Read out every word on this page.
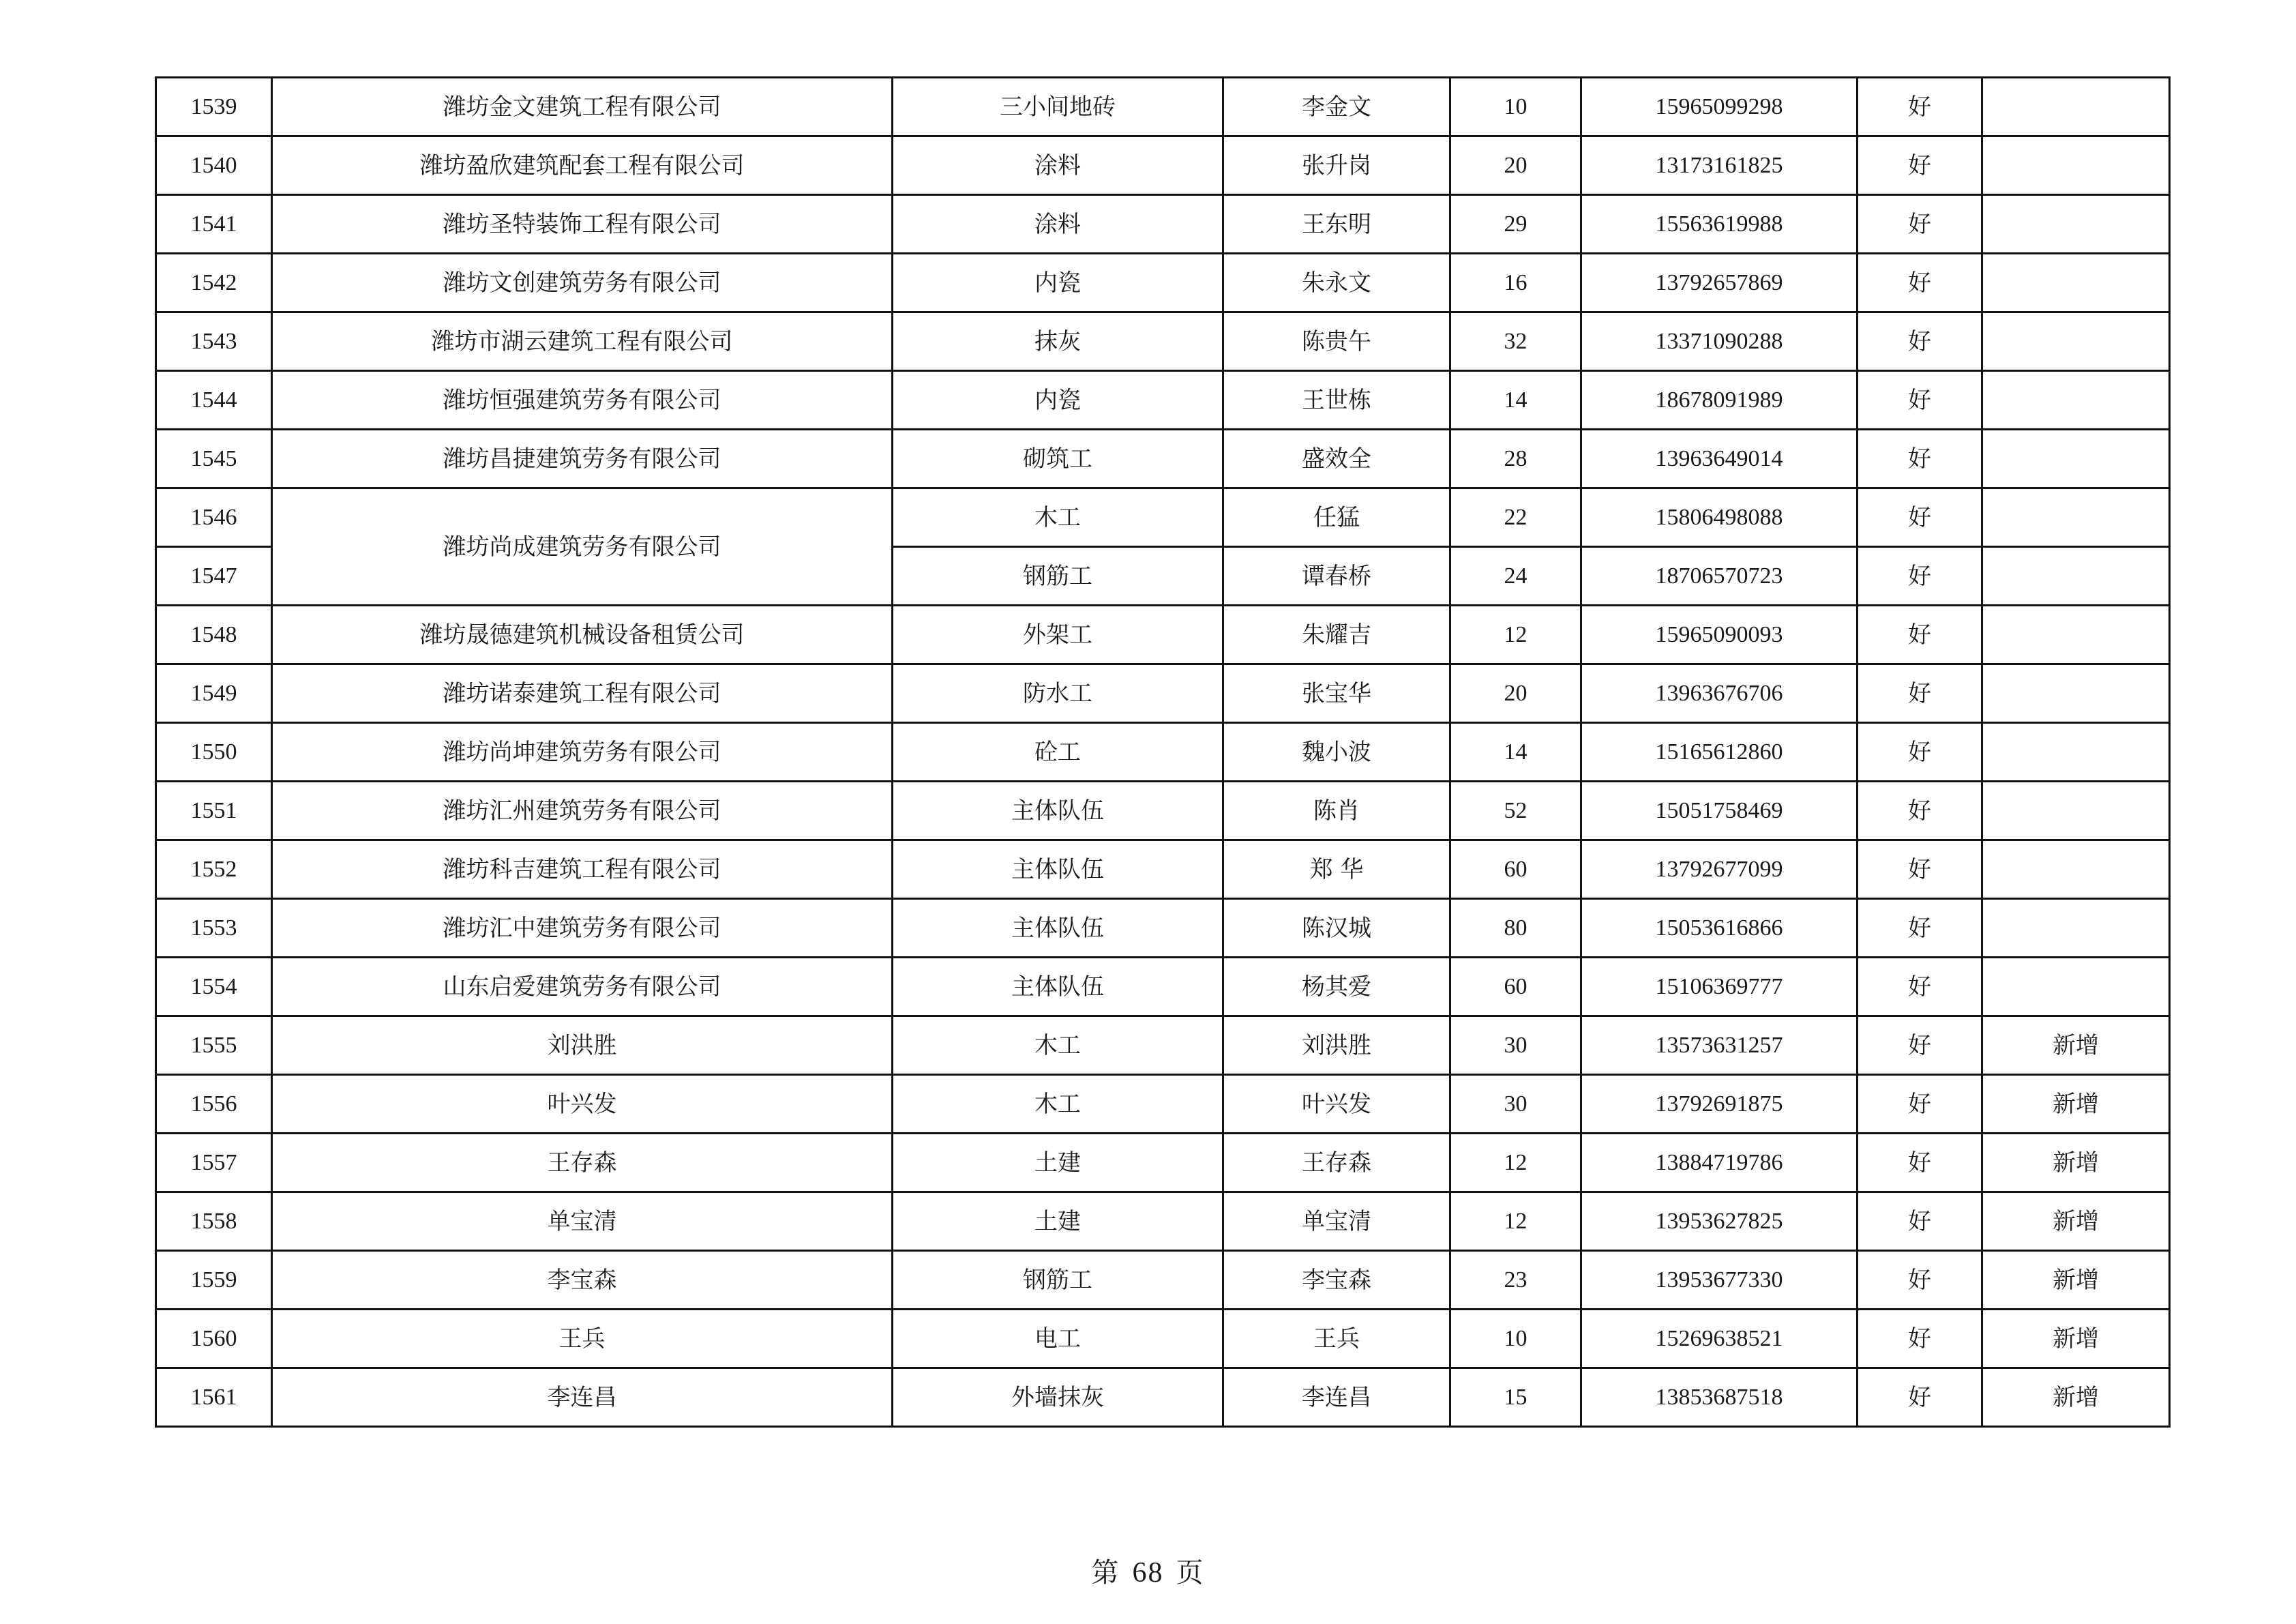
1539	潍坊金文建筑工程有限公司	三小间地砖	李金文	10	15965099298	好	
1540	潍坊盈欣建筑配套工程有限公司	涂料	张升岗	20	13173161825	好	
1541	潍坊圣特装饰工程有限公司	涂料	王东明	29	15563619988	好	
1542	潍坊文创建筑劳务有限公司	内瓷	朱永文	16	13792657869	好	
1543	潍坊市湖云建筑工程有限公司	抹灰	陈贵午	32	13371090288	好	
1544	潍坊恒强建筑劳务有限公司	内瓷	王世栋	14	18678091989	好	
1545	潍坊昌捷建筑劳务有限公司	砌筑工	盛效全	28	13963649014	好	
1546	潍坊尚成建筑劳务有限公司	木工	任猛	22	15806498088	好	
1547		钢筋工	谭春桥	24	18706570723	好	
1548	潍坊晟德建筑机械设备租赁公司	外架工	朱耀吉	12	15965090093	好	
1549	潍坊诺泰建筑工程有限公司	防水工	张宝华	20	13963676706	好	
1550	潍坊尚坤建筑劳务有限公司	砼工	魏小波	14	15165612860	好	
1551	潍坊汇州建筑劳务有限公司	主体队伍	陈肖	52	15051758469	好	
1552	潍坊科吉建筑工程有限公司	主体队伍	郑 华	60	13792677099	好	
1553	潍坊汇中建筑劳务有限公司	主体队伍	陈汉城	80	15053616866	好	
1554	山东启爱建筑劳务有限公司	主体队伍	杨其爱	60	15106369777	好	
1555	刘洪胜	木工	刘洪胜	30	13573631257	好	新增
1556	叶兴发	木工	叶兴发	30	13792691875	好	新增
1557	王存森	土建	王存森	12	13884719786	好	新增
1558	单宝清	土建	单宝清	12	13953627825	好	新增
1559	李宝森	钢筋工	李宝森	23	13953677330	好	新增
1560	王兵	电工	王兵	10	15269638521	好	新增
1561	李连昌	外墙抹灰	李连昌	15	13853687518	好	新增
第 68 页
